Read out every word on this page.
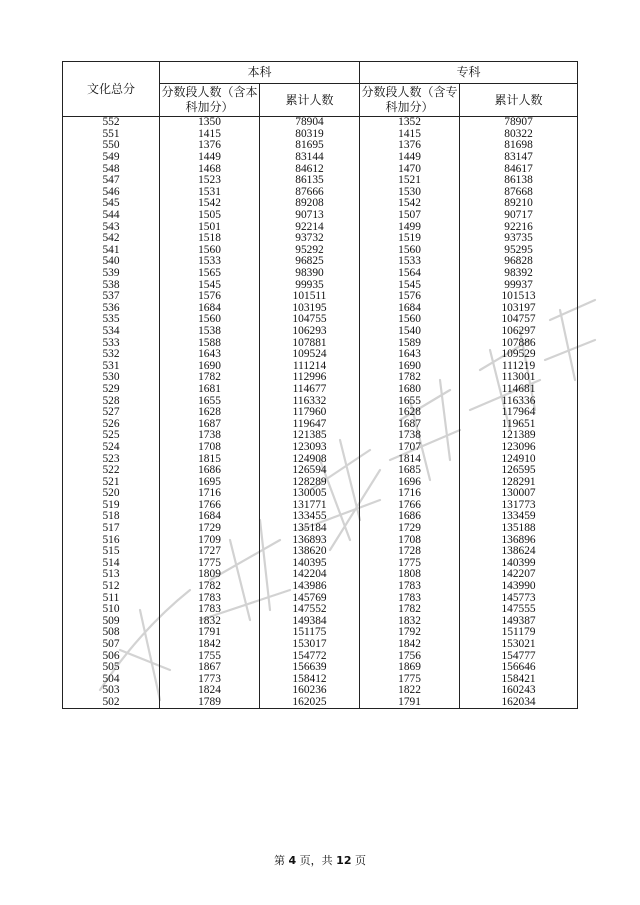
文化总分	本科		专科	
	分数段人数（含本科加分）	累计人数	分数段人数（含专科加分）	累计人数
552	1350	78904	1352	78907
551	1415	80319	1415	80322
550	1376	81695	1376	81698
549	1449	83144	1449	83147
548	1468	84612	1470	84617
547	1523	86135	1521	86138
546	1531	87666	1530	87668
545	1542	89208	1542	89210
544	1505	90713	1507	90717
543	1501	92214	1499	92216
542	1518	93732	1519	93735
541	1560	95292	1560	95295
540	1533	96825	1533	96828
539	1565	98390	1564	98392
538	1545	99935	1545	99937
537	1576	101511	1576	101513
536	1684	103195	1684	103197
535	1560	104755	1560	104757
534	1538	106293	1540	106297
533	1588	107881	1589	107886
532	1643	109524	1643	109529
531	1690	111214	1690	111219
530	1782	112996	1782	113001
529	1681	114677	1680	114681
528	1655	116332	1655	116336
527	1628	117960	1628	117964
526	1687	119647	1687	119651
525	1738	121385	1738	121389
524	1708	123093	1707	123096
523	1815	124908	1814	124910
522	1686	126594	1685	126595
521	1695	128289	1696	128291
520	1716	130005	1716	130007
519	1766	131771	1766	131773
518	1684	133455	1686	133459
517	1729	135184	1729	135188
516	1709	136893	1708	136896
515	1727	138620	1728	138624
514	1775	140395	1775	140399
513	1809	142204	1808	142207
512	1782	143986	1783	143990
511	1783	145769	1783	145773
510	1783	147552	1782	147555
509	1832	149384	1832	149387
508	1791	151175	1792	151179
507	1842	153017	1842	153021
506	1755	154772	1756	154777
505	1867	156639	1869	156646
504	1773	158412	1775	158421
503	1824	160236	1822	160243
502	1789	162025	1791	162034
第 4 页，共 12 页
